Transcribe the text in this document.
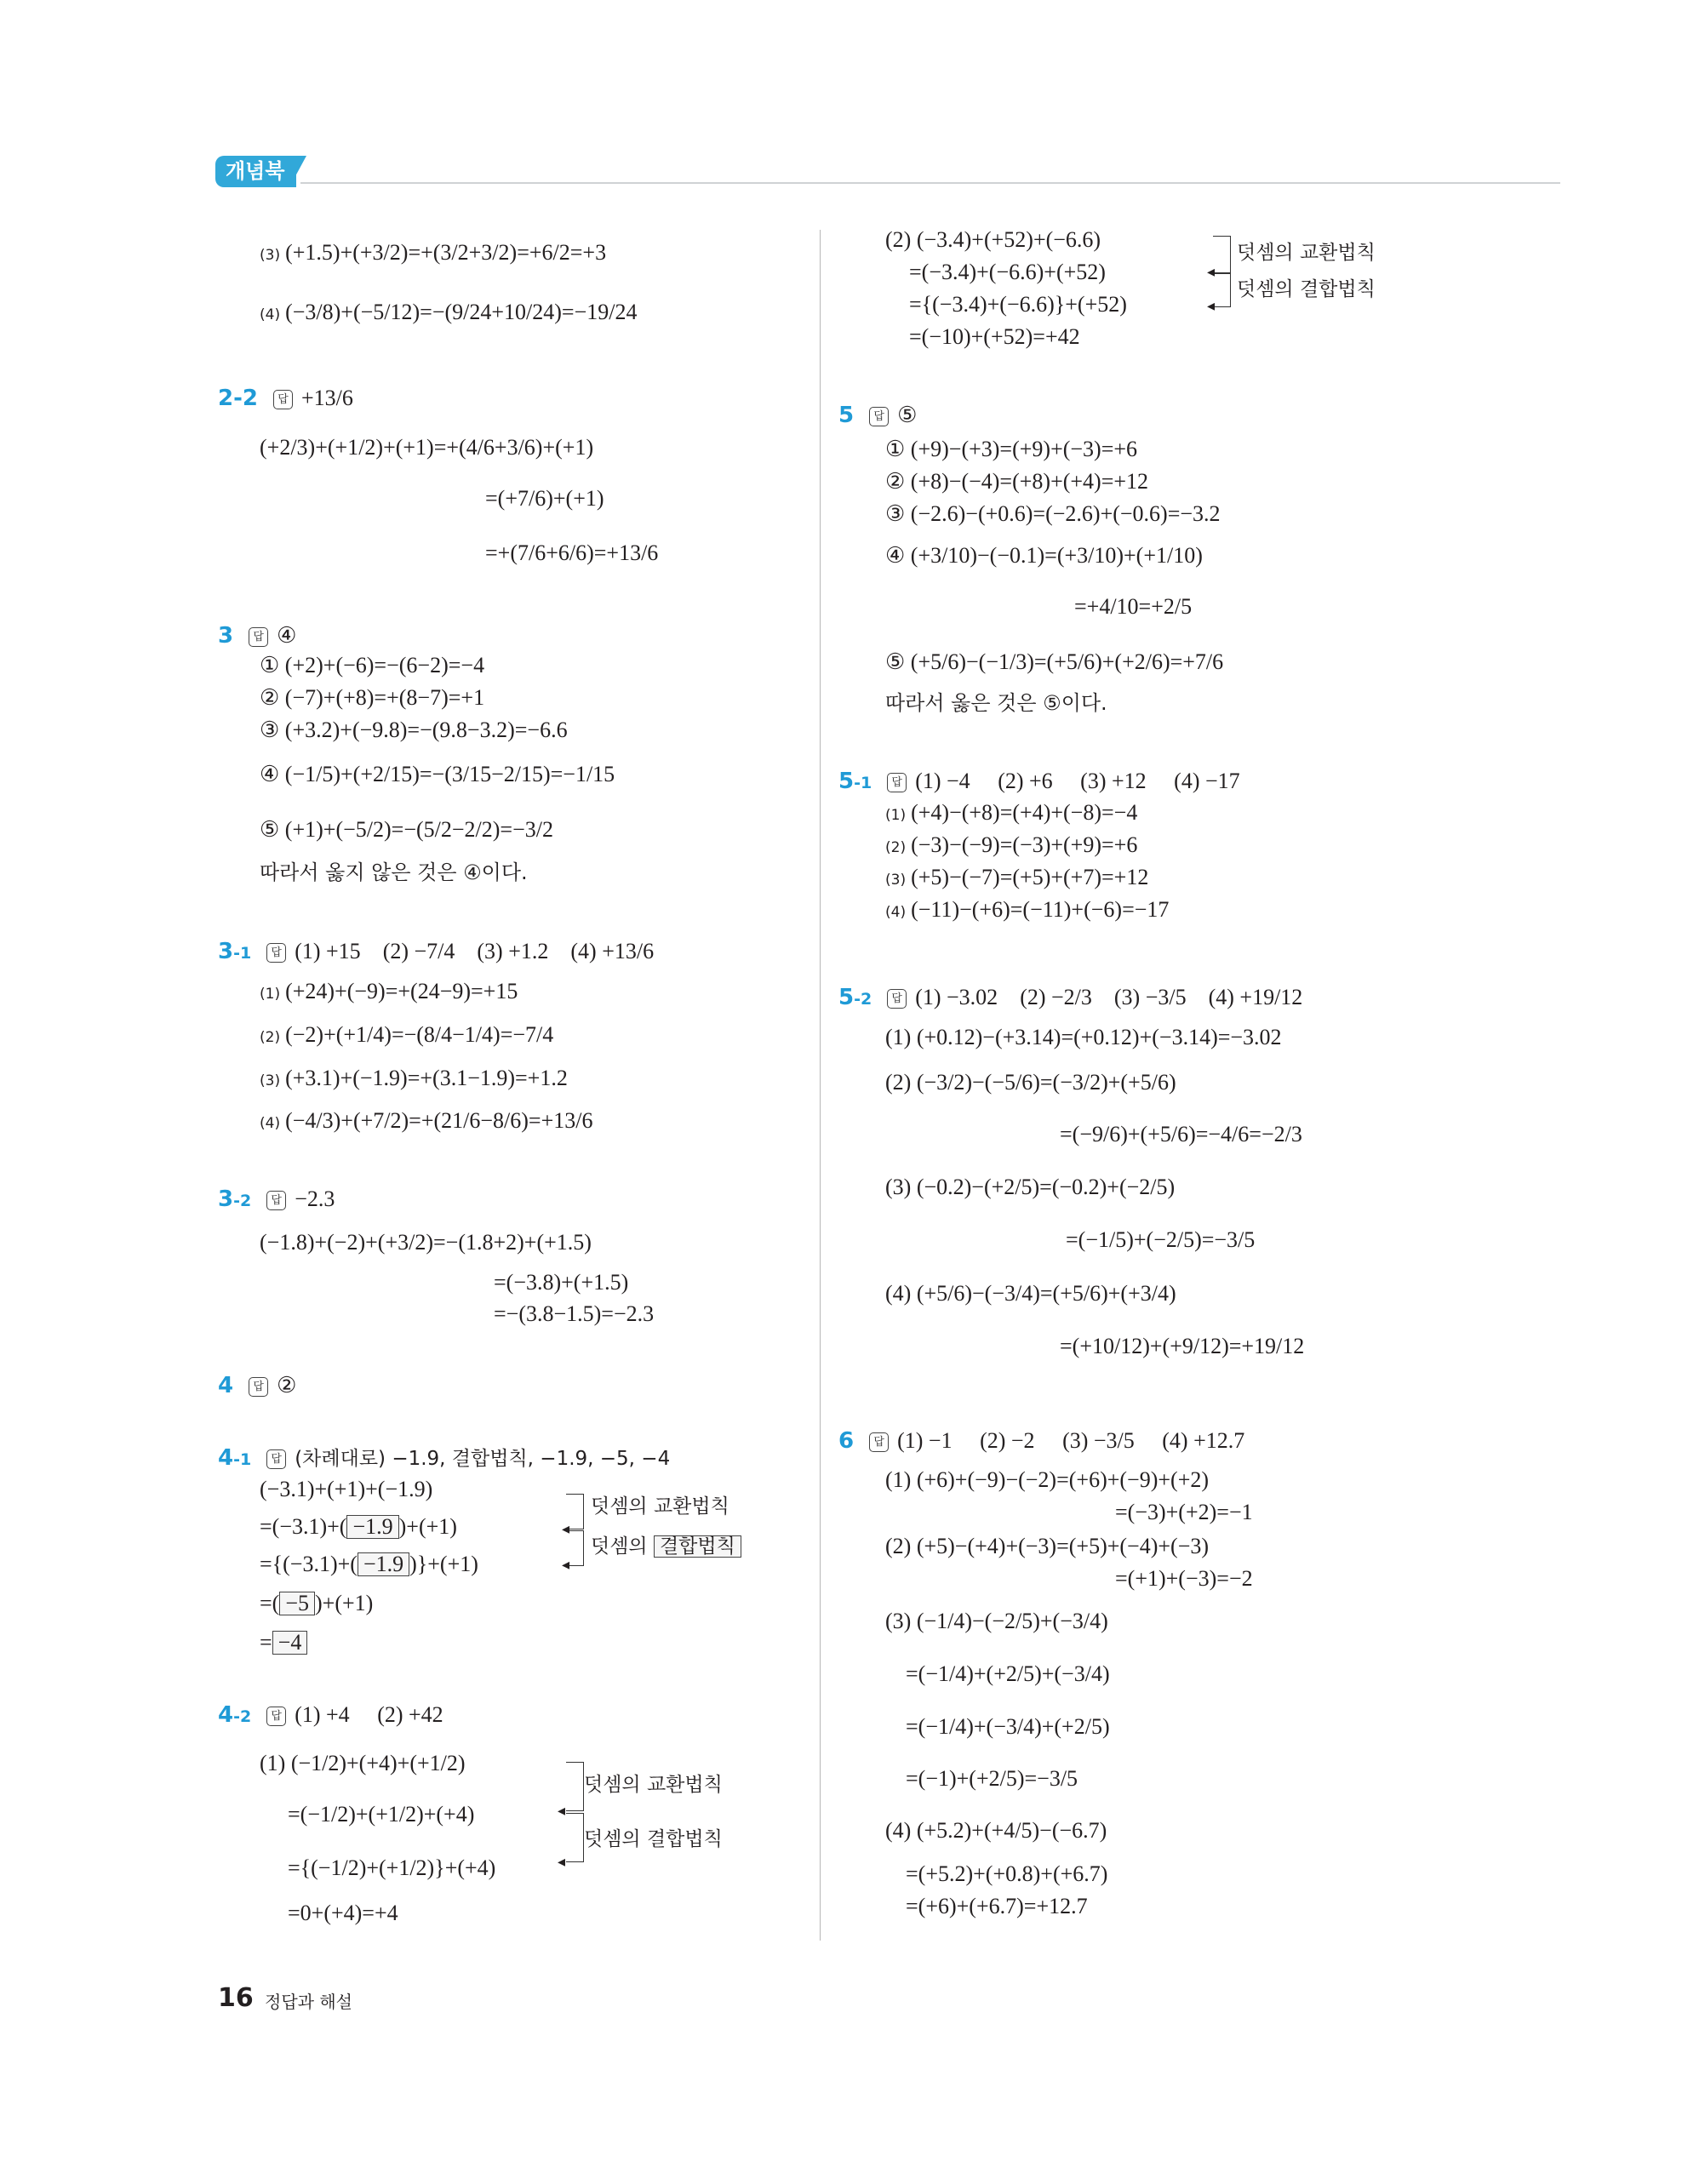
개념북
(3) (+1.5)+(+3/2)=+(3/2+3/2)=+6/2=+3
(4) (−3/8)+(−5/12)=−(9/24+10/24)=−19/24
2-2 답 +13/6
(+2/3)+(+1/2)+(+1)=+(4/6+3/6)+(+1)
=(+7/6)+(+1)
=+(7/6+6/6)=+13/6
3 답 ④
① (+2)+(−6)=−(6−2)=−4
② (−7)+(+8)=+(8−7)=+1
③ (+3.2)+(−9.8)=−(9.8−3.2)=−6.6
④ (−1/5)+(+2/15)=−(3/15−2/15)=−1/15
⑤ (+1)+(−5/2)=−(5/2−2/2)=−3/2
따라서 옳지 않은 것은 ④이다.
3-1 답 (1) +15 (2) −7/4 (3) +1.2 (4) +13/6
(1) (+24)+(−9)=+(24−9)=+15
(2) (−2)+(+1/4)=−(8/4−1/4)=−7/4
(3) (+3.1)+(−1.9)=+(3.1−1.9)=+1.2
(4) (−4/3)+(+7/2)=+(21/6−8/6)=+13/6
3-2 답 −2.3
(−1.8)+(−2)+(+3/2)=−(1.8+2)+(+1.5)
=(−3.8)+(+1.5)
=−(3.8−1.5)=−2.3
4 답 ②
4-1 답 (차례대로) −1.9, 결합법칙, −1.9, −5, −4
(−3.1)+(+1)+(−1.9)
=(−3.1)+( −1.9 )+(+1)
={(−3.1)+( −1.9 )}+(+1)
=( −5 )+(+1)
= −4
◂
◂
덧셈의 교환법칙
덧셈의 결합법칙
4-2 답 (1) +4 (2) +42
(1) (−1/2)+(+4)+(+1/2)
=(−1/2)+(+1/2)+(+4)
={(−1/2)+(+1/2)}+(+4)
=0+(+4)=+4
◂
◂
덧셈의 교환법칙
덧셈의 결합법칙
(2) (−3.4)+(+52)+(−6.6)
=(−3.4)+(−6.6)+(+52)
={(−3.4)+(−6.6)}+(+52)
=(−10)+(+52)=+42
◂
◂
덧셈의 교환법칙
덧셈의 결합법칙
5 답 ⑤
① (+9)−(+3)=(+9)+(−3)=+6
② (+8)−(−4)=(+8)+(+4)=+12
③ (−2.6)−(+0.6)=(−2.6)+(−0.6)=−3.2
④ (+3/10)−(−0.1)=(+3/10)+(+1/10)
=+4/10=+2/5
⑤ (+5/6)−(−1/3)=(+5/6)+(+2/6)=+7/6
따라서 옳은 것은 ⑤이다.
5-1 답 (1) −4 (2) +6 (3) +12 (4) −17
(1) (+4)−(+8)=(+4)+(−8)=−4
(2) (−3)−(−9)=(−3)+(+9)=+6
(3) (+5)−(−7)=(+5)+(+7)=+12
(4) (−11)−(+6)=(−11)+(−6)=−17
5-2 답 (1) −3.02 (2) −2/3 (3) −3/5 (4) +19/12
(1) (+0.12)−(+3.14)=(+0.12)+(−3.14)=−3.02
(2) (−3/2)−(−5/6)=(−3/2)+(+5/6)
=(−9/6)+(+5/6)=−4/6=−2/3
(3) (−0.2)−(+2/5)=(−0.2)+(−2/5)
=(−1/5)+(−2/5)=−3/5
(4) (+5/6)−(−3/4)=(+5/6)+(+3/4)
=(+10/12)+(+9/12)=+19/12
6 답 (1) −1 (2) −2 (3) −3/5 (4) +12.7
(1) (+6)+(−9)−(−2)=(+6)+(−9)+(+2)
=(−3)+(+2)=−1
(2) (+5)−(+4)+(−3)=(+5)+(−4)+(−3)
=(+1)+(−3)=−2
(3) (−1/4)−(−2/5)+(−3/4)
=(−1/4)+(+2/5)+(−3/4)
=(−1/4)+(−3/4)+(+2/5)
=(−1)+(+2/5)=−3/5
(4) (+5.2)+(+4/5)−(−6.7)
=(+5.2)+(+0.8)+(+6.7)
=(+6)+(+6.7)=+12.7
16 정답과 해설
